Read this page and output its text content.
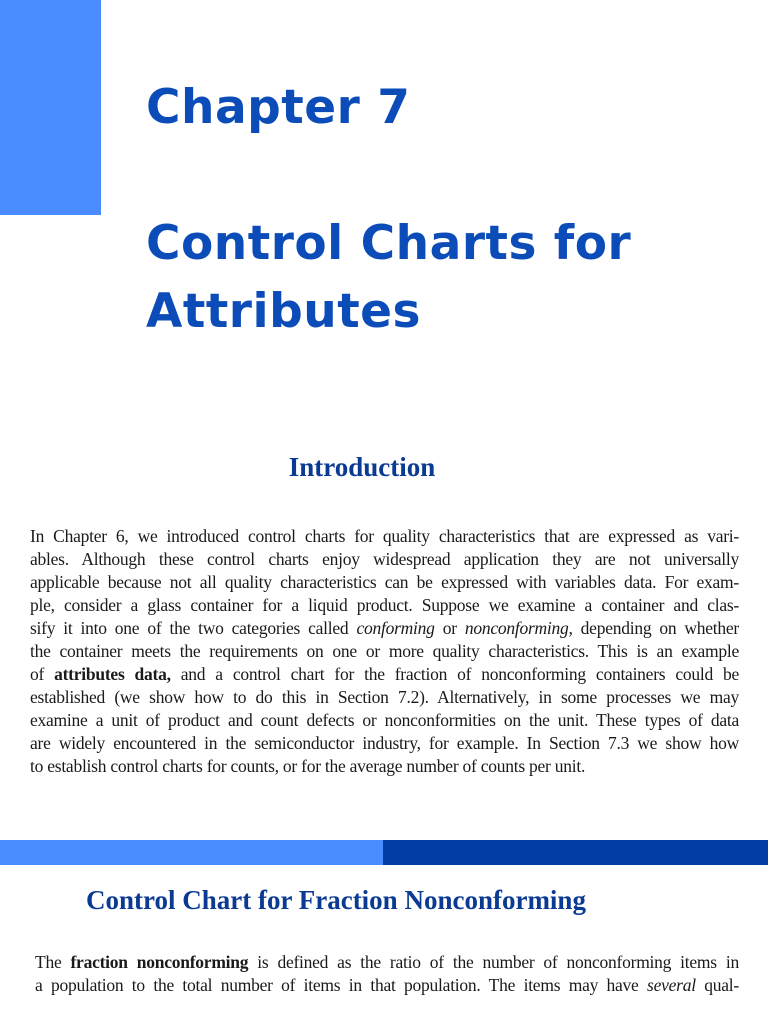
Chapter 7
Control Charts for
Attributes
Introduction
In Chapter 6, we introduced control charts for quality characteristics that are expressed as vari-
ables. Although these control charts enjoy widespread application they are not universally
applicable because not all quality characteristics can be expressed with variables data. For exam-
ple, consider a glass container for a liquid product. Suppose we examine a container and clas-
sify it into one of the two categories called conforming or nonconforming, depending on whether
the container meets the requirements on one or more quality characteristics. This is an example
of attributes data, and a control chart for the fraction of nonconforming containers could be
established (we show how to do this in Section 7.2). Alternatively, in some processes we may
examine a unit of product and count defects or nonconformities on the unit. These types of data
are widely encountered in the semiconductor industry, for example. In Section 7.3 we show how
to establish control charts for counts, or for the average number of counts per unit.
Control Chart for Fraction Nonconforming
The fraction nonconforming is defined as the ratio of the number of nonconforming items in
a population to the total number of items in that population. The items may have several qual-
